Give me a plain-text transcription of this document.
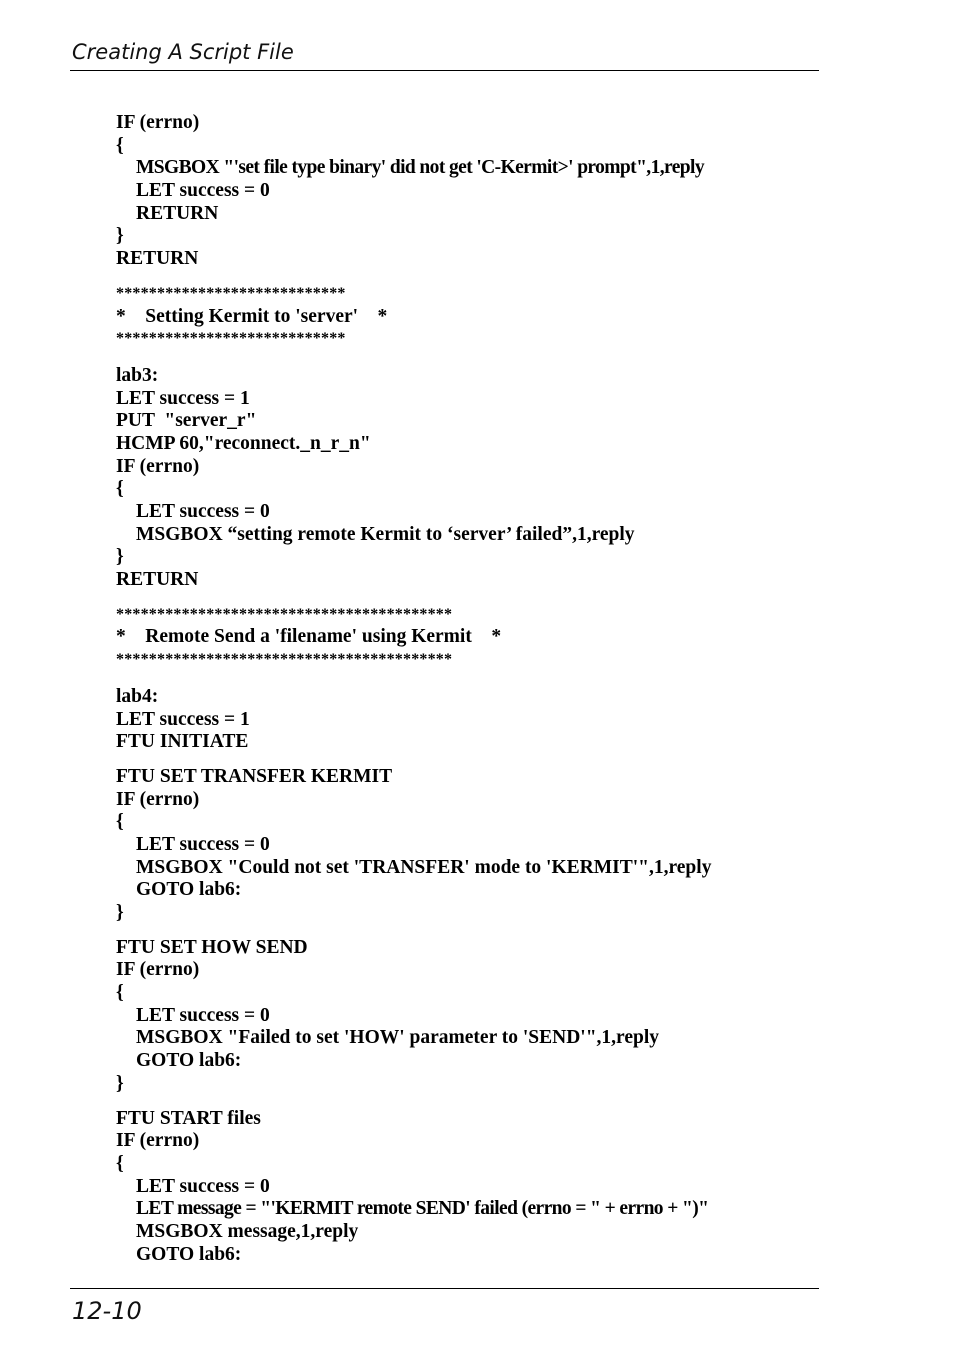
Creating A Script File
IF (errno)
{
MSGBOX "'set file type binary' did not get 'C-Kermit>' prompt",1,reply
LET success = 0
RETURN
}
RETURN
****************************
*    Setting Kermit to 'server'    *
****************************
lab3:
LET success = 1
PUT  "server_r"
HCMP 60,"reconnect._n_r_n"
IF (errno)
{
LET success = 0
MSGBOX “setting remote Kermit to ‘server’ failed”,1,reply
}
RETURN
*****************************************
*    Remote Send a 'filename' using Kermit    *
*****************************************
lab4:
LET success = 1
FTU INITIATE
FTU SET TRANSFER KERMIT
IF (errno)
{
LET success = 0
MSGBOX "Could not set 'TRANSFER' mode to 'KERMIT'",1,reply
GOTO lab6:
}
FTU SET HOW SEND
IF (errno)
{
LET success = 0
MSGBOX "Failed to set 'HOW' parameter to 'SEND'",1,reply
GOTO lab6:
}
FTU START files
IF (errno)
{
LET success = 0
LET message = "'KERMIT remote SEND' failed (errno = " + errno + ")"
MSGBOX message,1,reply
GOTO lab6:
12-10
